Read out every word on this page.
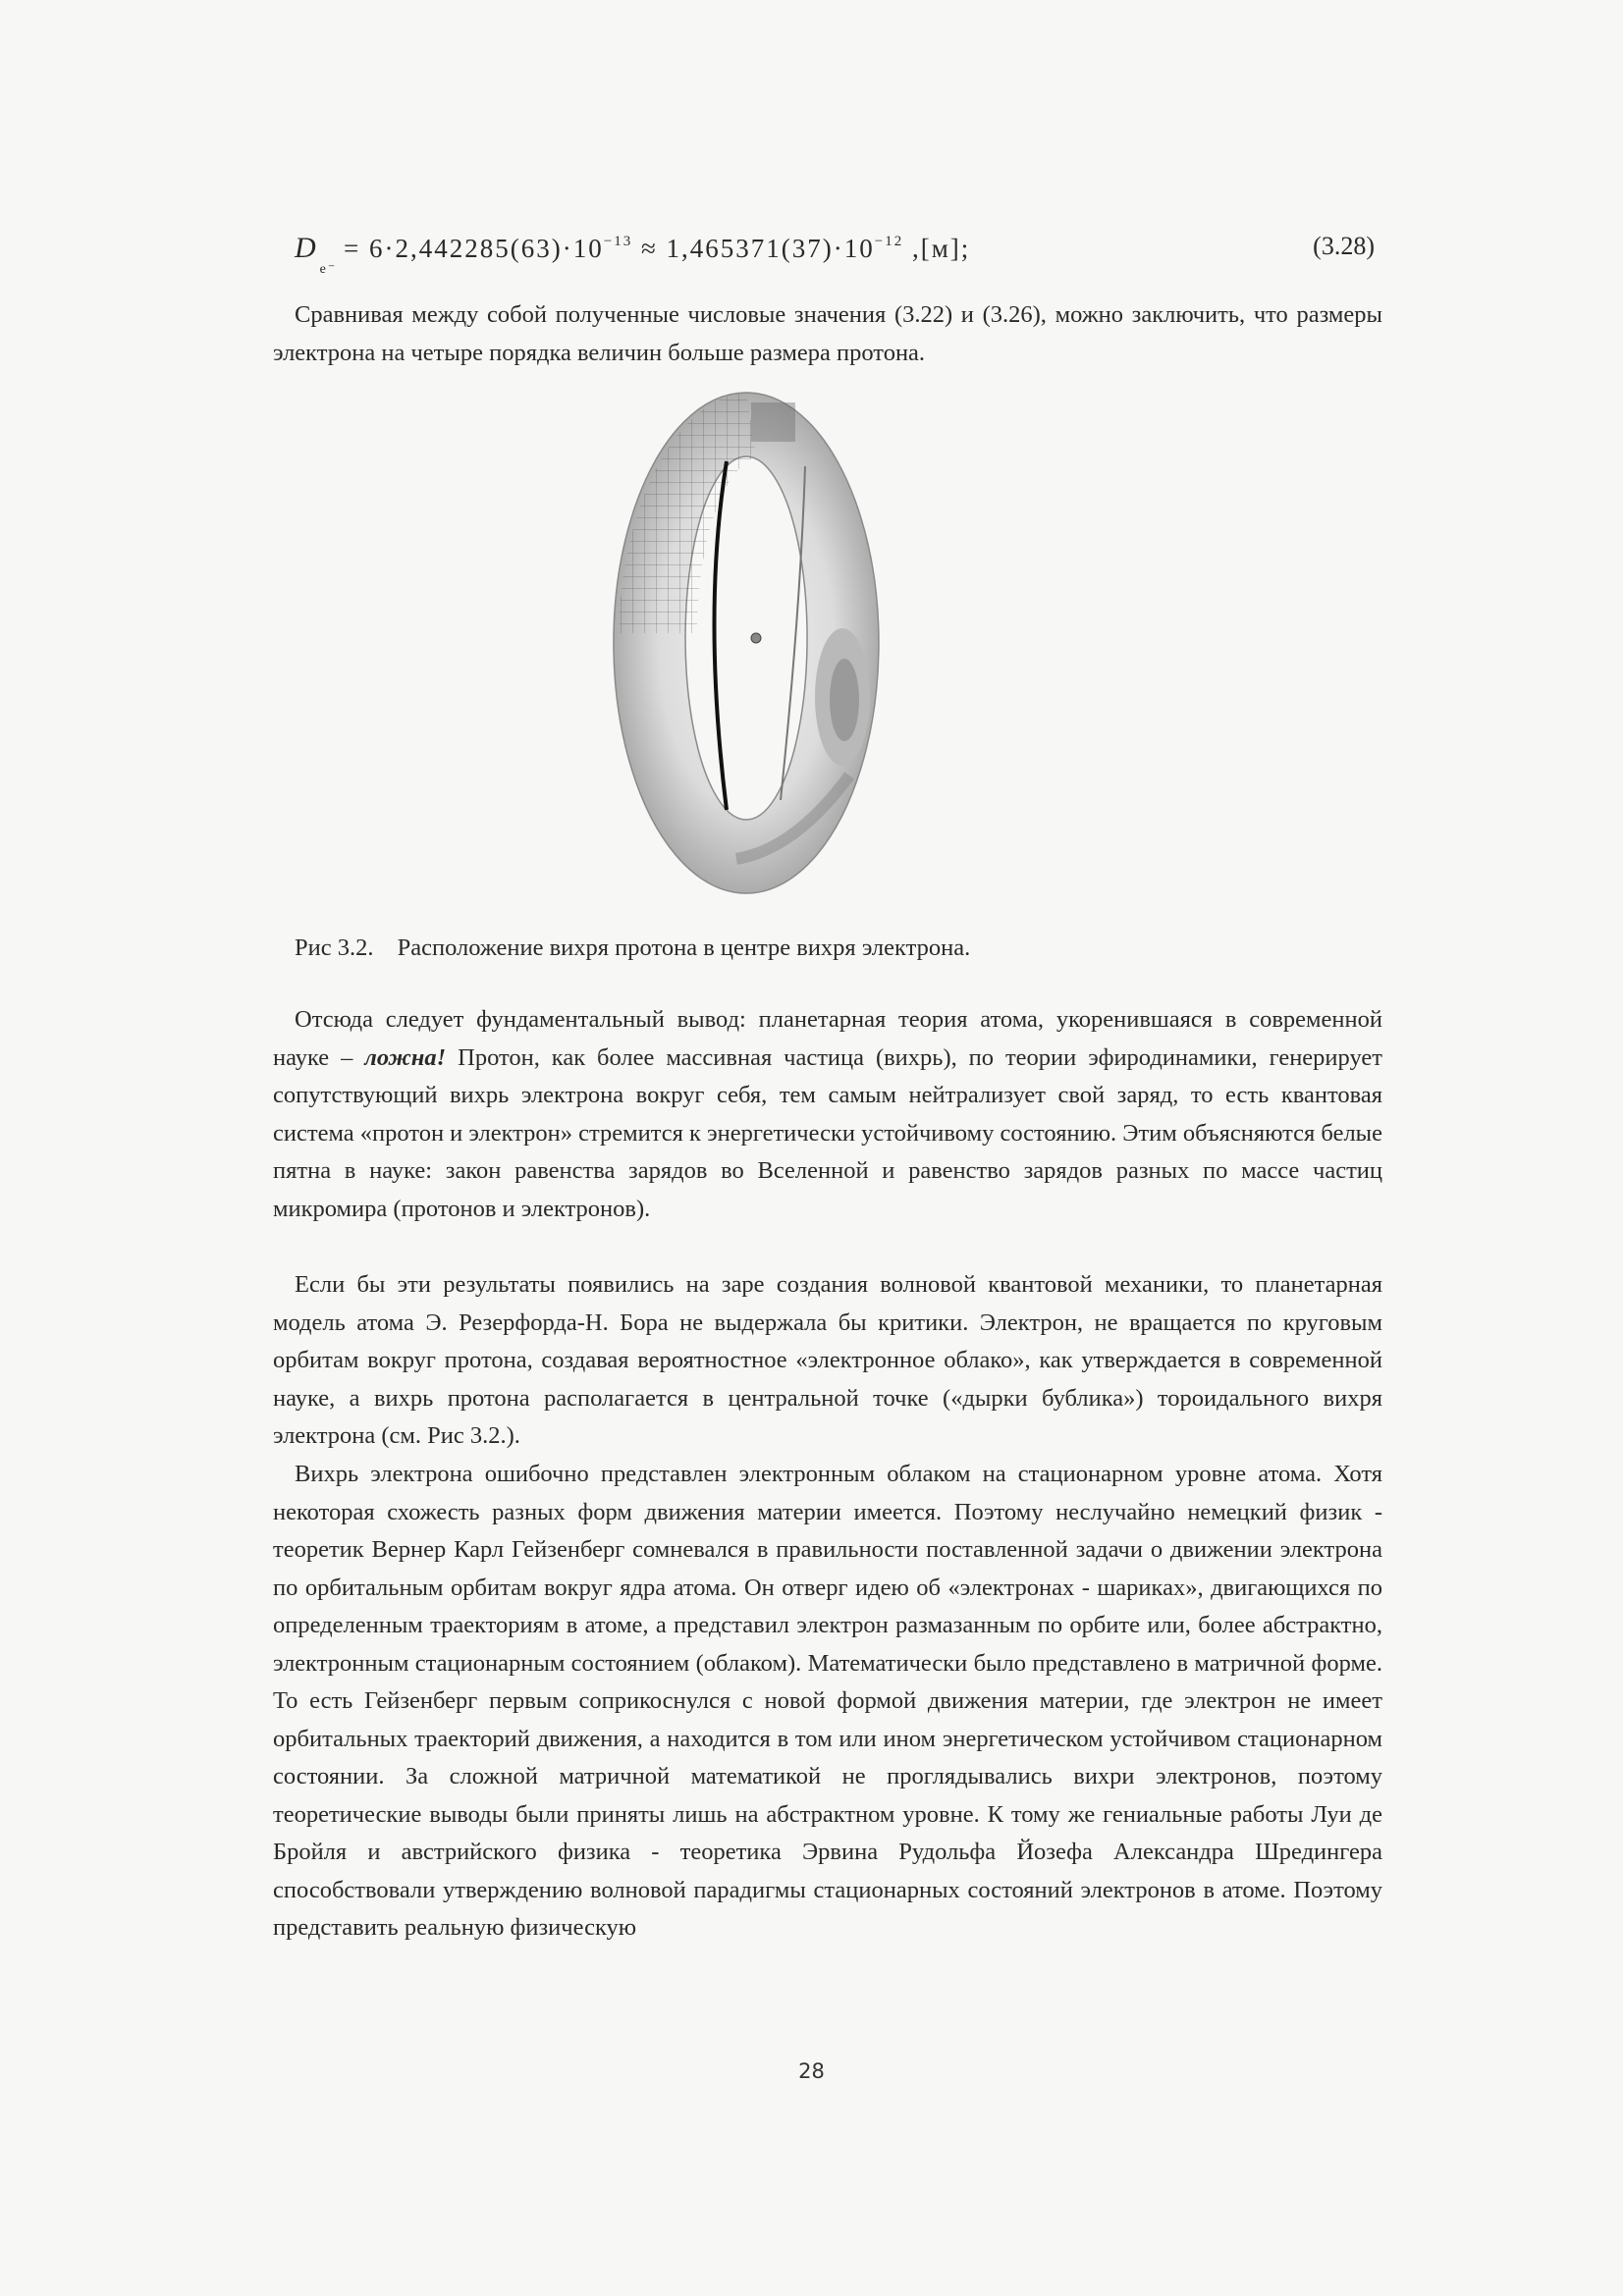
$D_{e^-} = 6\cdot 2,442285(63)\cdot 10^{-13} \approx 1,465371(37)\cdot 10^{-12}$ ,[м];	(3.28)

Сравнивая между собой полученные числовые значения (3.22) и (3.26), можно заключить, что размеры электрона на четыре порядка величин больше размера протона.

Рис 3.2. Расположение вихря протона в центре вихря электрона.

Отсюда следует фундаментальный вывод: планетарная теория атома, укоренившаяся в современной науке – ложна! Протон, как более массивная частица (вихрь), по теории эфиродинамики, генерирует сопутствующий вихрь электрона вокруг себя, тем самым нейтрализует свой заряд, то есть квантовая система «протон и электрон» стремится к энергетически устойчивому состоянию. Этим объясняются белые пятна в науке: закон равенства зарядов во Вселенной и равенство зарядов разных по массе частиц микромира (протонов и электронов).

Если бы эти результаты появились на заре создания волновой квантовой механики, то планетарная модель атома Э. Резерфорда-Н. Бора не выдержала бы критики. Электрон, не вращается по круговым орбитам вокруг протона, создавая вероятностное «электронное облако», как утверждается в современной науке, а вихрь протона располагается в центральной точке («дырки бублика») тороидального вихря электрона (см. Рис 3.2.).

Вихрь электрона ошибочно представлен электронным облаком на стационарном уровне атома. Хотя некоторая схожесть разных форм движения материи имеется. Поэтому неслучайно немецкий физик - теоретик Вернер Карл Гейзенберг сомневался в правильности поставленной задачи о движении электрона по орбитальным орбитам вокруг ядра атома. Он отверг идею об «электронах - шариках», двигающихся по определенным траекториям в атоме, а представил электрон размазанным по орбите или, более абстрактно, электронным стационарным состоянием (облаком). Математически было представлено в матричной форме. То есть Гейзенберг первым соприкоснулся с новой формой движения материи, где электрон не имеет орбитальных траекторий движения, а находится в том или ином энергетическом устойчивом стационарном состоянии. За сложной матричной математикой не проглядывались вихри электронов, поэтому теоретические выводы были приняты лишь на абстрактном уровне. К тому же гениальные работы Луи де Бройля и австрийского физика - теоретика Эрвина Рудольфа Йозефа Александра Шредингера способствовали утверждению волновой парадигмы стационарных состояний электронов в атоме. Поэтому представить реальную физическую

28
